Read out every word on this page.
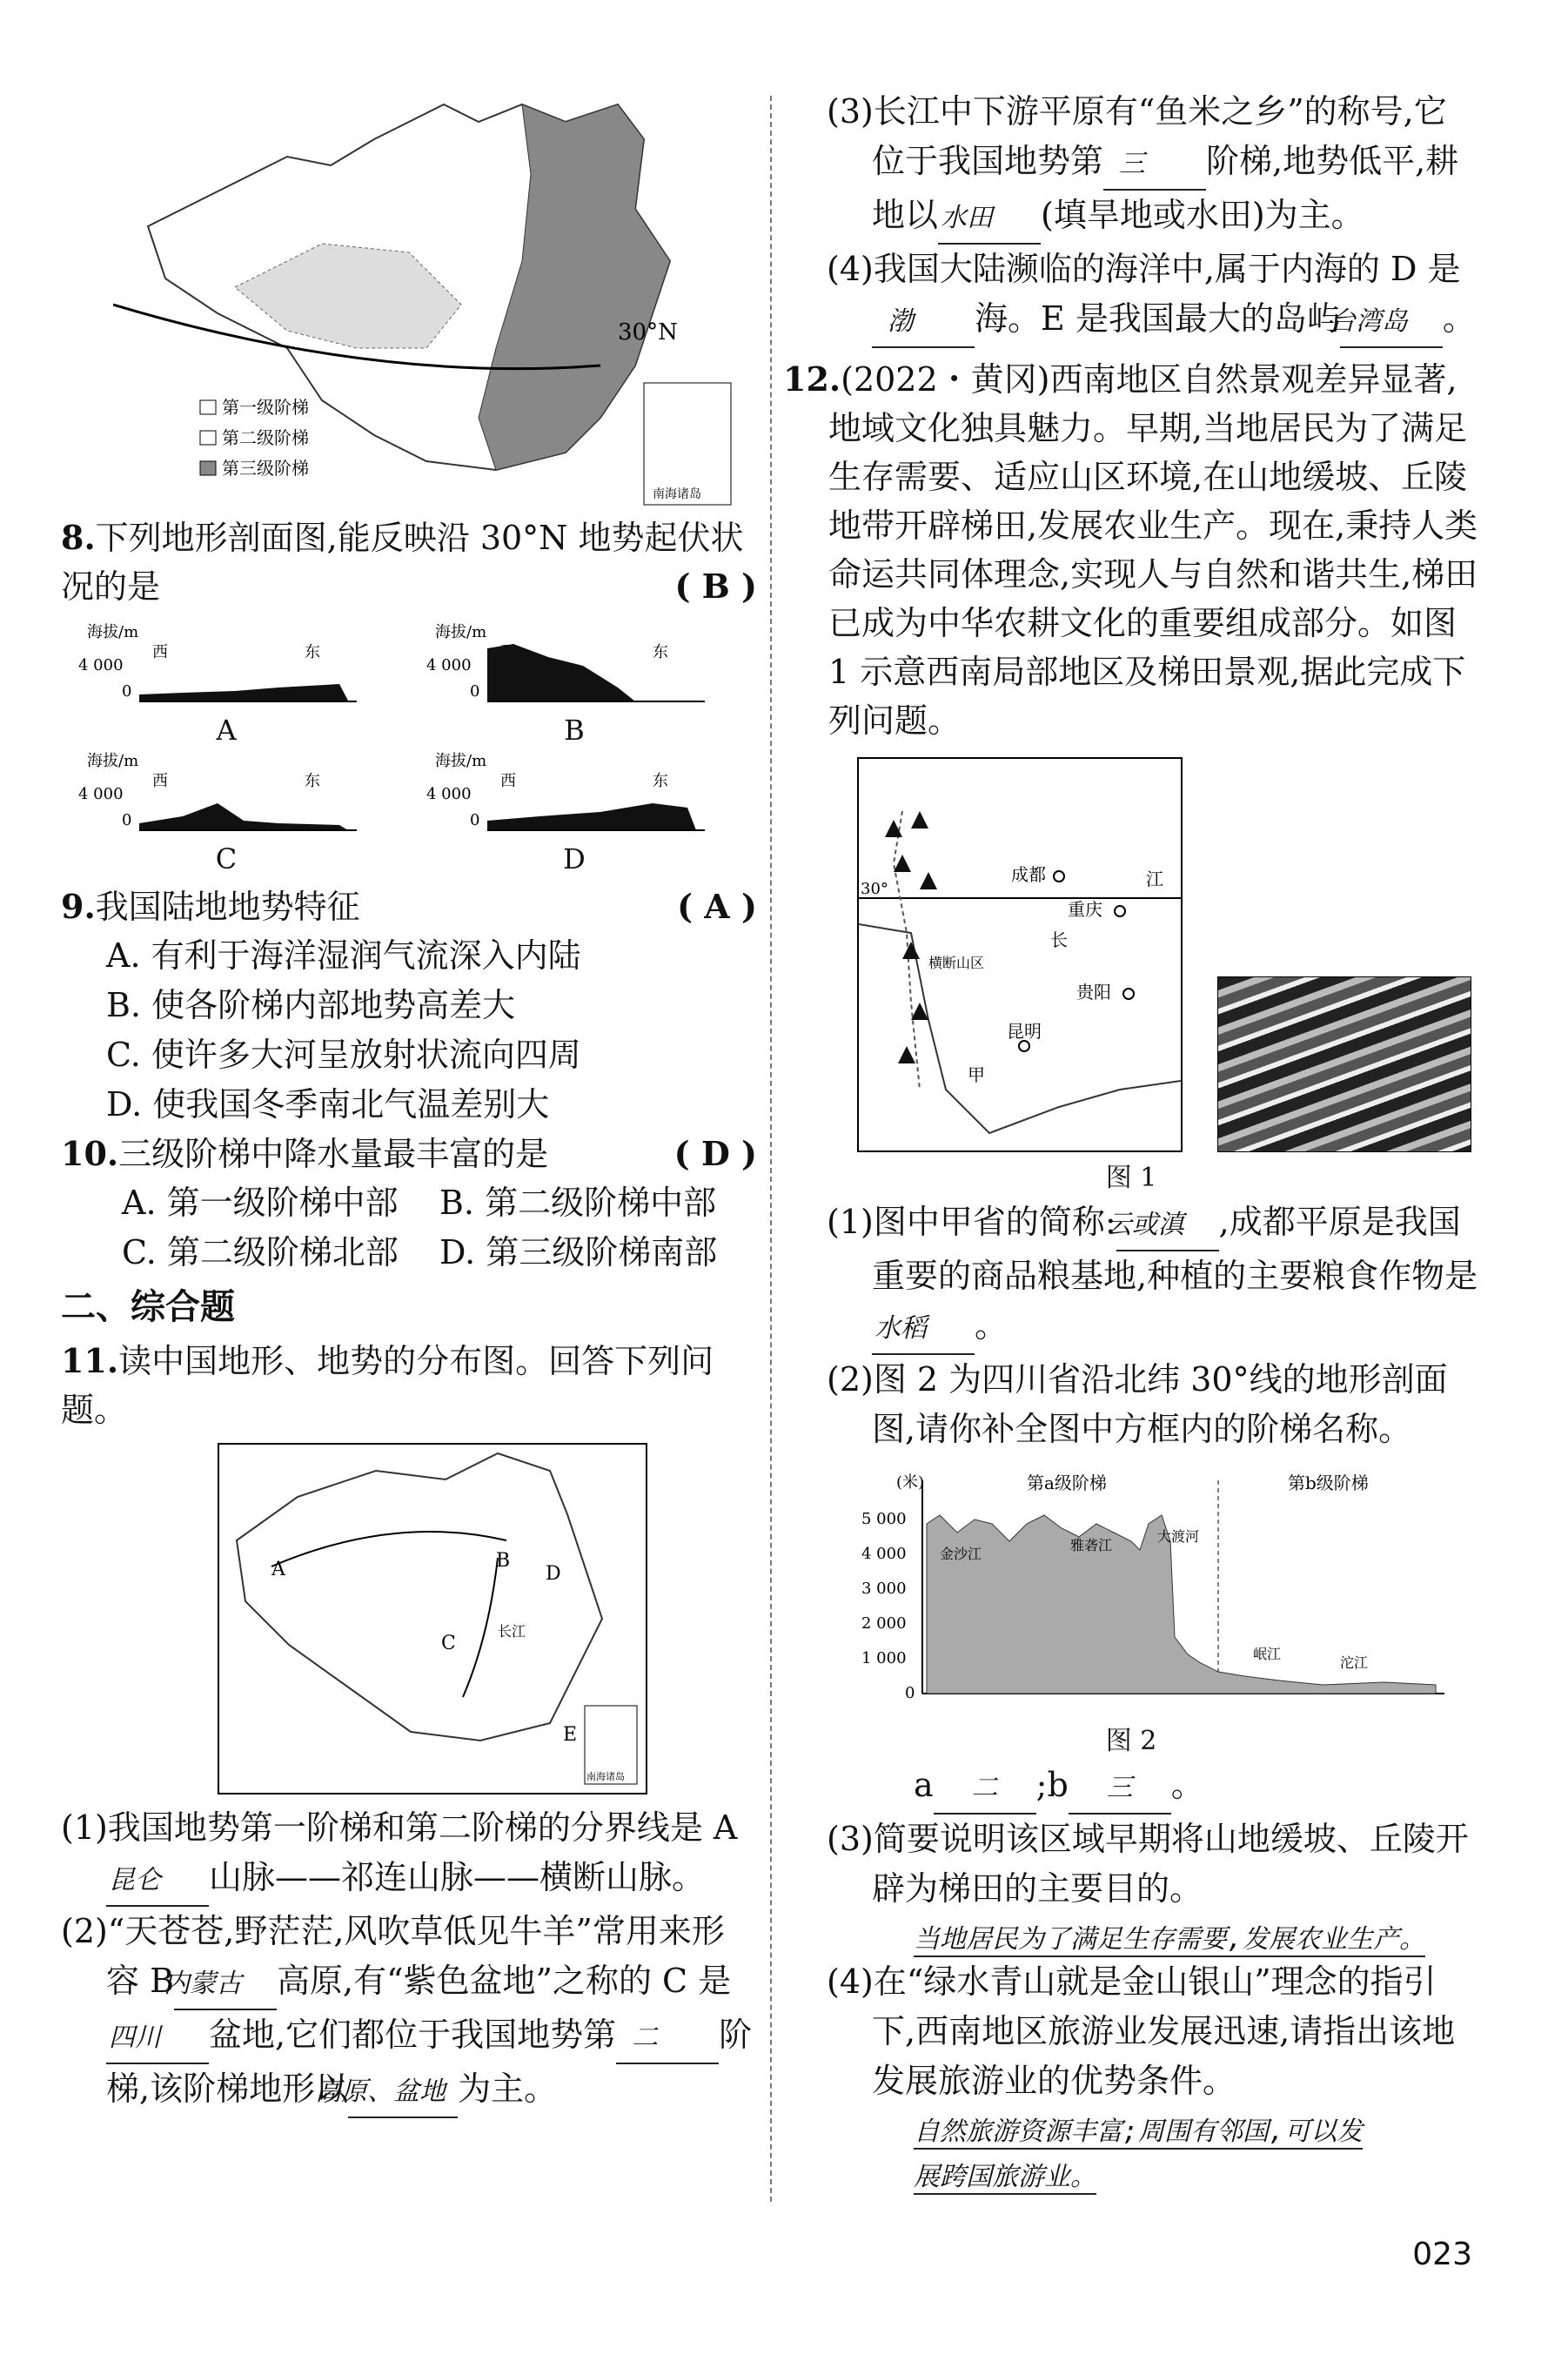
30°N
第一级阶梯
第二级阶梯
第三级阶梯
南海诸岛

8.下列地形剖面图,能反映沿 30°N 地势起伏状况的是	( B )

海拔/m
4 000
0
西	东
A
海拔/m
4 000
0
东
B
海拔/m
4 000
0
西	东
C
海拔/m
4 000
0
西	东
D

9.我国陆地地势特征	( A )

A. 有利于海洋湿润气流深入内陆

B. 使各阶梯内部地势高差大

C. 使许多大河呈放射状流向四周

D. 使我国冬季南北气温差别大

10.三级阶梯中降水量最丰富的是	( D )

A. 第一级阶梯中部	B. 第二级阶梯中部
C. 第二级阶梯北部	D. 第三级阶梯南部

二、综合题

11.读中国地形、地势的分布图。回答下列问题。

A	B
C
D
E
长江
南海诸岛
(1)我国地势第一阶梯和第二阶梯的分界线是 A昆仑 山脉——祁连山脉——横断山脉。
(2)“天苍苍,野茫茫,风吹草低见牛羊”常用来形容 B内蒙古 高原,有“紫色盆地”之称的 C 是四川 盆地,它们都位于我国地势第 二 阶梯,该阶梯地形以高原、盆地 为主。
(3)长江中下游平原有“鱼米之乡”的称号,它位于我国地势第 三 阶梯,地势低平,耕地以 水田 (填旱地或水田)为主。
(4)我国大陆濒临的海洋中,属于内海的 D 是渤 海。E 是我国最大的岛屿台湾岛 。

12.(2022・黄冈)西南地区自然景观差异显著,地域文化独具魅力。早期,当地居民为了满足生存需要、适应山区环境,在山地缓坡、丘陵地带开辟梯田,发展农业生产。现在,秉持人类命运共同体理念,实现人与自然和谐共生,梯田已成为中华农耕文化的重要组成部分。如图 1 示意西南局部地区及梯田景观,据此完成下列问题。

成都
重庆
贵阳
昆明
江
长
甲
30°
横断山区

图 1

(1)图中甲省的简称:云或滇 ,成都平原是我国重要的商品粮基地,种植的主要粮食作物是水稻 。
(2)图 2 为四川省沿北纬 30°线的地形剖面图,请你补全图中方框内的阶梯名称。
(米)
5 000
4 000
3 000
2 000
1 000
0
第a级阶梯	第b级阶梯
金沙江
雅砻江
大渡河
岷江
沱江

图 2

a 二 ;b 三 。

(3)简要说明该区域早期将山地缓坡、丘陵开辟为梯田的主要目的。

当地居民为了满足生存需要,发展农业生产。

(4)在“绿水青山就是金山银山”理念的指引下,西南地区旅游业发展迅速,请指出该地发展旅游业的优势条件。

自然旅游资源丰富;周围有邻国,可以发

展跨国旅游业。

023
